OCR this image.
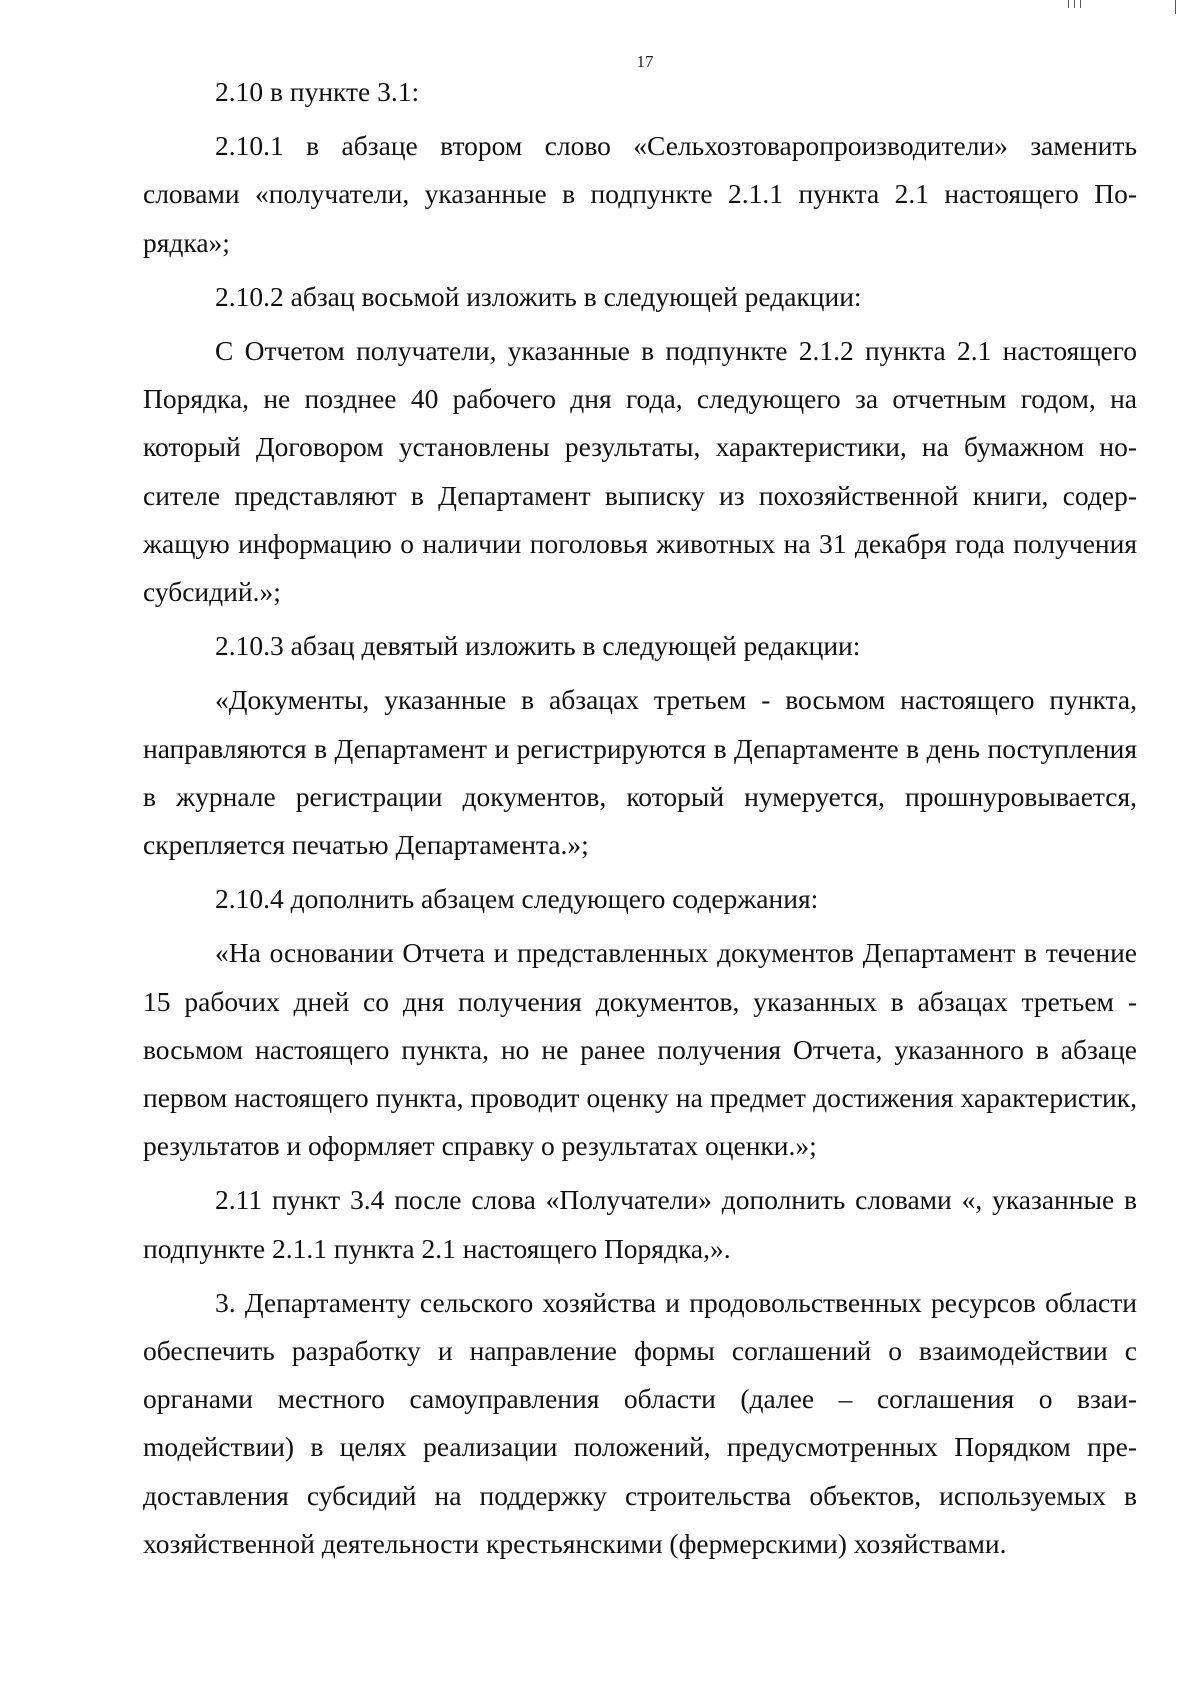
17

2.10 в пункте 3.1:

2.10.1 в абзаце втором слово «Сельхозтоваропроизводители» заменить словами «получатели, указанные в подпункте 2.1.1 пункта 2.1 настоящего Порядка»;

2.10.2 абзац восьмой изложить в следующей редакции:

С Отчетом получатели, указанные в подпункте 2.1.2 пункта 2.1 настоящего Порядка, не позднее 40 рабочего дня года, следующего за отчетным годом, на который Договором установлены результаты, характеристики, на бумажном носителе представляют в Департамент выписку из похозяйственной книги, содержащую информацию о наличии поголовья животных на 31 декабря года получения субсидий.»;

2.10.3 абзац девятый изложить в следующей редакции:

«Документы, указанные в абзацах третьем - восьмом настоящего пункта, направляются в Департамент и регистрируются в Департаменте в день поступления в журнале регистрации документов, который нумеруется, прошнуровывается, скрепляется печатью Департамента.»;

2.10.4 дополнить абзацем следующего содержания:

«На основании Отчета и представленных документов Департамент в течение 15 рабочих дней со дня получения документов, указанных в абзацах третьем - восьмом настоящего пункта, но не ранее получения Отчета, указанного в абзаце первом настоящего пункта, проводит оценку на предмет достижения характеристик, результатов и оформляет справку о результатах оценки.»;

2.11 пункт 3.4 после слова «Получатели» дополнить словами «, указанные в подпункте 2.1.1 пункта 2.1 настоящего Порядка,».

3. Департаменту сельского хозяйства и продовольственных ресурсов области обеспечить разработку и направление формы соглашений о взаимодействии с органами местного самоуправления области (далее – соглашения о взаиmодействии) в целях реализации положений, предусмотренных Порядком предоставления субсидий на поддержку строительства объектов, используемых в хозяйственной деятельности крестьянскими (фермерскими) хозяйствами.
